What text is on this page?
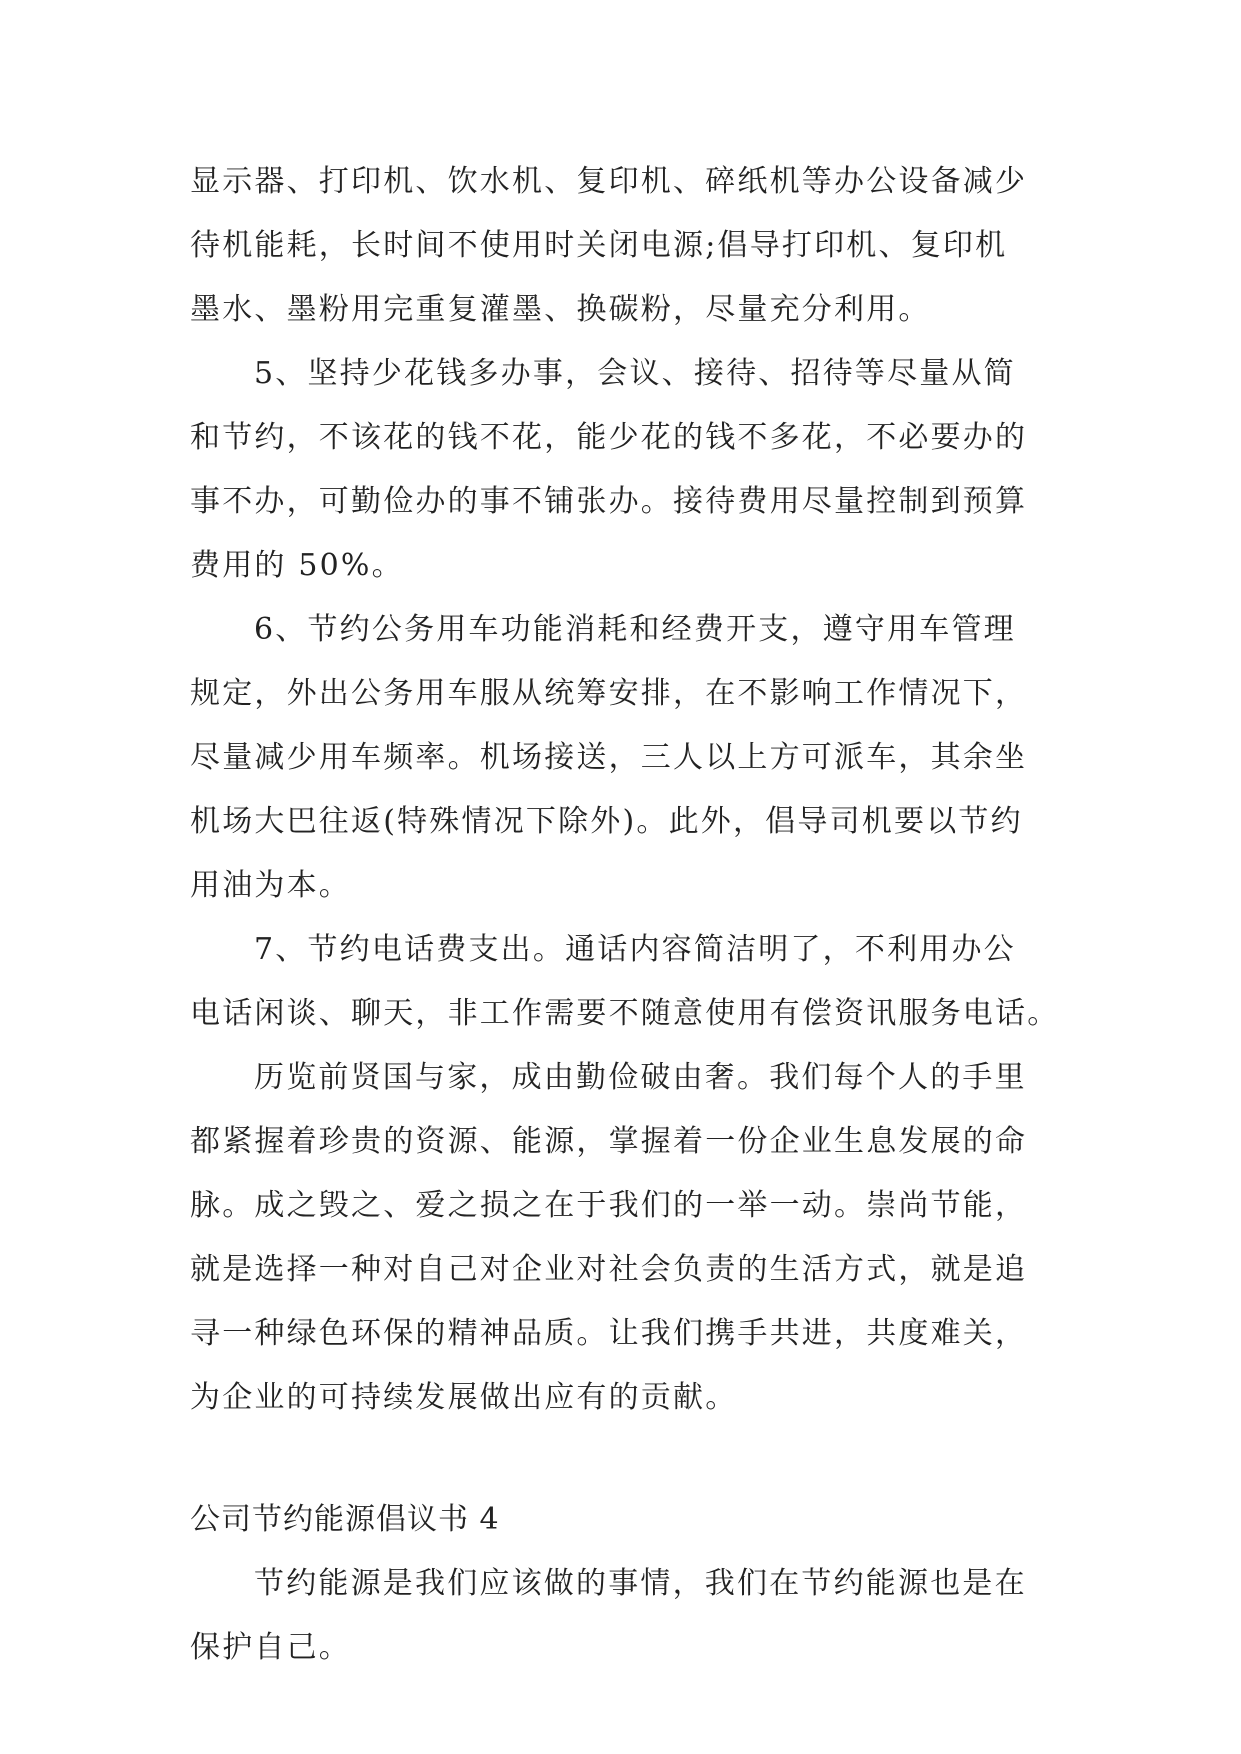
显示器、打印机、饮水机、复印机、碎纸机等办公设备减少
待机能耗，长时间不使用时关闭电源;倡导打印机、复印机
墨水、墨粉用完重复灌墨、换碳粉，尽量充分利用。
5、坚持少花钱多办事，会议、接待、招待等尽量从简
和节约，不该花的钱不花，能少花的钱不多花，不必要办的
事不办，可勤俭办的事不铺张办。接待费用尽量控制到预算
费用的 50%。
6、节约公务用车功能消耗和经费开支，遵守用车管理
规定，外出公务用车服从统筹安排，在不影响工作情况下，
尽量减少用车频率。机场接送，三人以上方可派车，其余坐
机场大巴往返(特殊情况下除外)。此外，倡导司机要以节约
用油为本。
7、节约电话费支出。通话内容简洁明了，不利用办公
电话闲谈、聊天，非工作需要不随意使用有偿资讯服务电话。
历览前贤国与家，成由勤俭破由奢。我们每个人的手里
都紧握着珍贵的资源、能源，掌握着一份企业生息发展的命
脉。成之毁之、爱之损之在于我们的一举一动。崇尚节能，
就是选择一种对自己对企业对社会负责的生活方式，就是追
寻一种绿色环保的精神品质。让我们携手共进，共度难关，
为企业的可持续发展做出应有的贡献。
公司节约能源倡议书 4
节约能源是我们应该做的事情，我们在节约能源也是在
保护自己。
